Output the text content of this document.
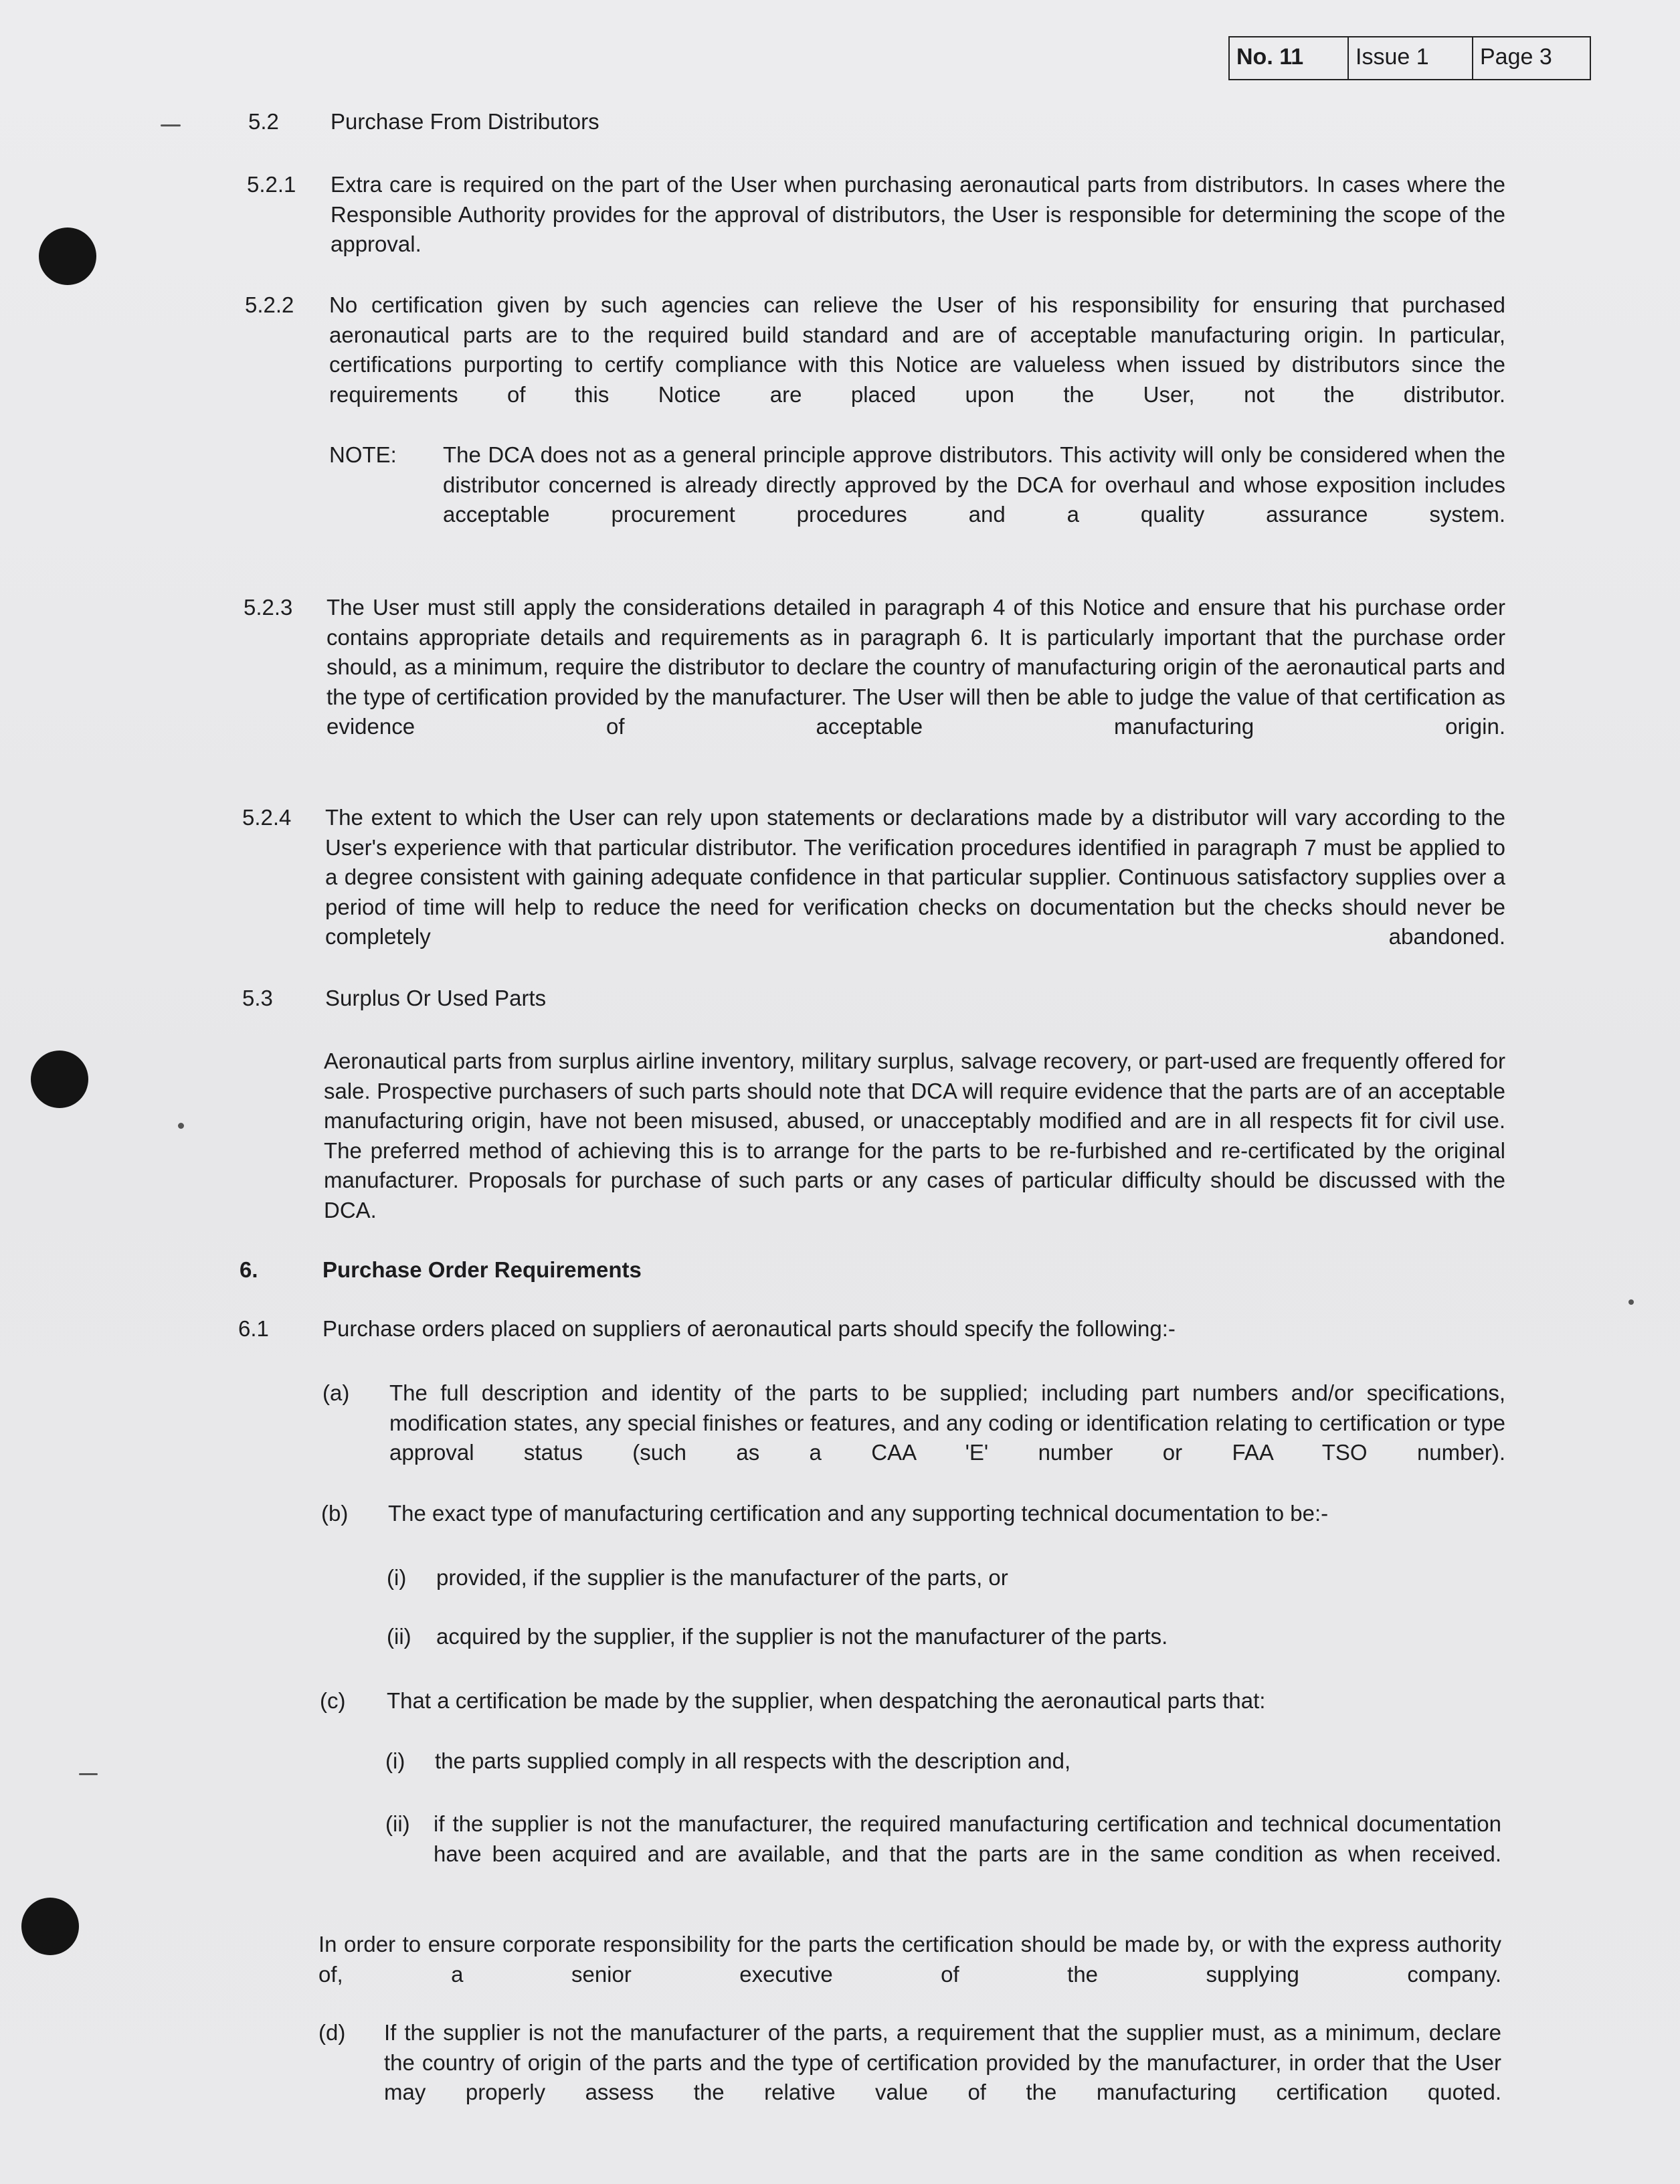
No. 11	Issue 1	Page 3
5.2 Purchase From Distributors
5.2.1 Extra care is required on the part of the User when purchasing aeronautical parts from distributors. In cases where the Responsible Authority provides for the approval of distributors, the User is responsible for determining the scope of the approval.
5.2.2 No certification given by such agencies can relieve the User of his responsibility for ensuring that purchased aeronautical parts are to the required build standard and are of acceptable manufacturing origin. In particular, certifications purporting to certify compliance with this Notice are valueless when issued by distributors since the requirements of this Notice are placed upon the User, not the distributor.
NOTE: The DCA does not as a general principle approve distributors. This activity will only be considered when the distributor concerned is already directly approved by the DCA for overhaul and whose exposition includes acceptable procurement procedures and a quality assurance system.
5.2.3 The User must still apply the considerations detailed in paragraph 4 of this Notice and ensure that his purchase order contains appropriate details and requirements as in paragraph 6. It is particularly important that the purchase order should, as a minimum, require the distributor to declare the country of manufacturing origin of the aeronautical parts and the type of certification provided by the manufacturer. The User will then be able to judge the value of that certification as evidence of acceptable manufacturing origin.
5.2.4 The extent to which the User can rely upon statements or declarations made by a distributor will vary according to the User's experience with that particular distributor. The verification procedures identified in paragraph 7 must be applied to a degree consistent with gaining adequate confidence in that particular supplier. Continuous satisfactory supplies over a period of time will help to reduce the need for verification checks on documentation but the checks should never be completely abandoned.
5.3 Surplus Or Used Parts
Aeronautical parts from surplus airline inventory, military surplus, salvage recovery, or part-used are frequently offered for sale. Prospective purchasers of such parts should note that DCA will require evidence that the parts are of an acceptable manufacturing origin, have not been misused, abused, or unacceptably modified and are in all respects fit for civil use. The preferred method of achieving this is to arrange for the parts to be re-furbished and re-certificated by the original manufacturer. Proposals for purchase of such parts or any cases of particular difficulty should be discussed with the DCA.
6.	Purchase Order Requirements
6.1 Purchase orders placed on suppliers of aeronautical parts should specify the following:-
(a) The full description and identity of the parts to be supplied; including part numbers and/or specifications, modification states, any special finishes or features, and any coding or identification relating to certification or type approval status (such as a CAA 'E' number or FAA TSO number).
(b) The exact type of manufacturing certification and any supporting technical documentation to be:-
(i) provided, if the supplier is the manufacturer of the parts, or
(ii) acquired by the supplier, if the supplier is not the manufacturer of the parts.
(c) That a certification be made by the supplier, when despatching the aeronautical parts that:
(i) the parts supplied comply in all respects with the description and,
(ii) if the supplier is not the manufacturer, the required manufacturing certification and technical documentation have been acquired and are available, and that the parts are in the same condition as when received.
In order to ensure corporate responsibility for the parts the certification should be made by, or with the express authority of, a senior executive of the supplying company.
(d) If the supplier is not the manufacturer of the parts, a requirement that the supplier must, as a minimum, declare the country of origin of the parts and the type of certification provided by the manufacturer, in order that the User may properly assess the relative value of the manufacturing certification quoted.
